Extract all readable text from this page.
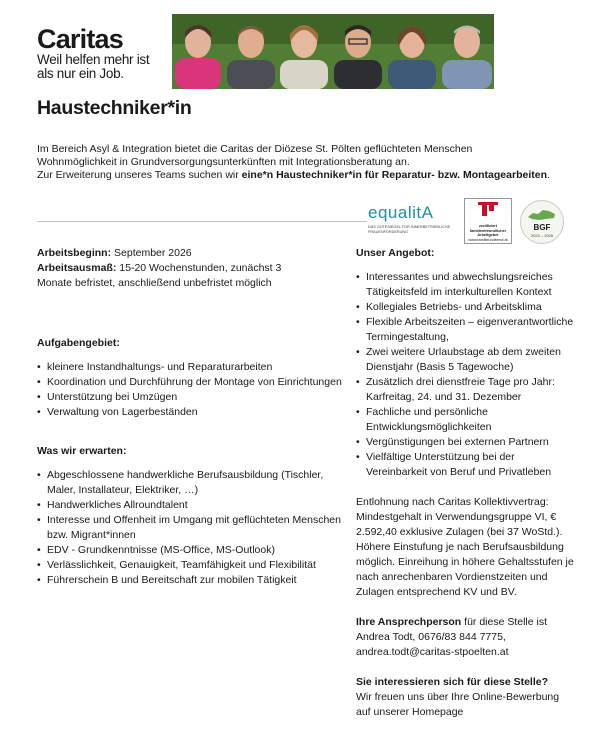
Caritas
Weil helfen mehr ist
als nur ein Job.
Haustechniker*in
Im Bereich Asyl & Integration bietet die Caritas der Diözese St. Pölten geflüchteten Menschen
Wohnmöglichkeit in Grundversorgungsunterkünften mit Integrationsberatung an.
Zur Erweiterung unseres Teams suchen wir eine*n Haustechniker*in für Reparatur- bzw. Montagearbeiten.
equalitA
DAS GÜTESIEGEL FÜR INNERBETRIEBLICHE FRAUENFÖRDERUNG
zertifiziert
familienfreundlicher
Arbeitgeber
www.familieundberuf.at
BGF
2024 – 2026

Arbeitsbeginn: September 2026

Arbeitsausmaß: 15-20 Wochenstunden, zunächst 3

Monate befristet, anschließend unbefristet möglich

Aufgabengebiet:

• kleinere Instandhaltungs- und Reparaturarbeiten
• Koordination und Durchführung der Montage von Einrichtungen
• Unterstützung bei Umzügen
• Verwaltung von Lagerbeständen

Was wir erwarten:

• Abgeschlossene handwerkliche Berufsausbildung (Tischler, Maler, Installateur, Elektriker, …)
• Handwerkliches Allroundtalent
• Interesse und Offenheit im Umgang mit geflüchteten Menschen bzw. Migrant*innen
• EDV - Grundkenntnisse (MS-Office, MS-Outlook)
• Verlässlichkeit, Genauigkeit, Teamfähigkeit und Flexibilität
• Führerschein B und Bereitschaft zur mobilen Tätigkeit

Unser Angebot:

• Interessantes und abwechslungsreiches Tätigkeitsfeld im interkulturellen Kontext
• Kollegiales Betriebs- und Arbeitsklima
• Flexible Arbeitszeiten – eigenverantwortliche Termingestaltung,
• Zwei weitere Urlaubstage ab dem zweiten Dienstjahr (Basis 5 Tagewoche)
• Zusätzlich drei dienstfreie Tage pro Jahr: Karfreitag, 24. und 31. Dezember
• Fachliche und persönliche Entwicklungsmöglichkeiten
• Vergünstigungen bei externen Partnern
• Vielfältige Unterstützung bei der Vereinbarkeit von Beruf und Privatleben

Entlohnung nach Caritas Kollektivvertrag: Mindestgehalt in Verwendungsgruppe VI, € 2.592,40 exklusive Zulagen (bei 37 WoStd.). Höhere Einstufung je nach Berufsausbildung möglich. Einreihung in höhere Gehaltsstufen je nach anrechenbaren Vordienstzeiten und Zulagen entsprechend KV und BV.

Ihre Ansprechperson für diese Stelle ist Andrea Todt, 0676/83 844 7775,

andrea.todt@caritas-stpoelten.at

Sie interessieren sich für diese Stelle?

Wir freuen uns über Ihre Online-Bewerbung auf unserer Homepage
